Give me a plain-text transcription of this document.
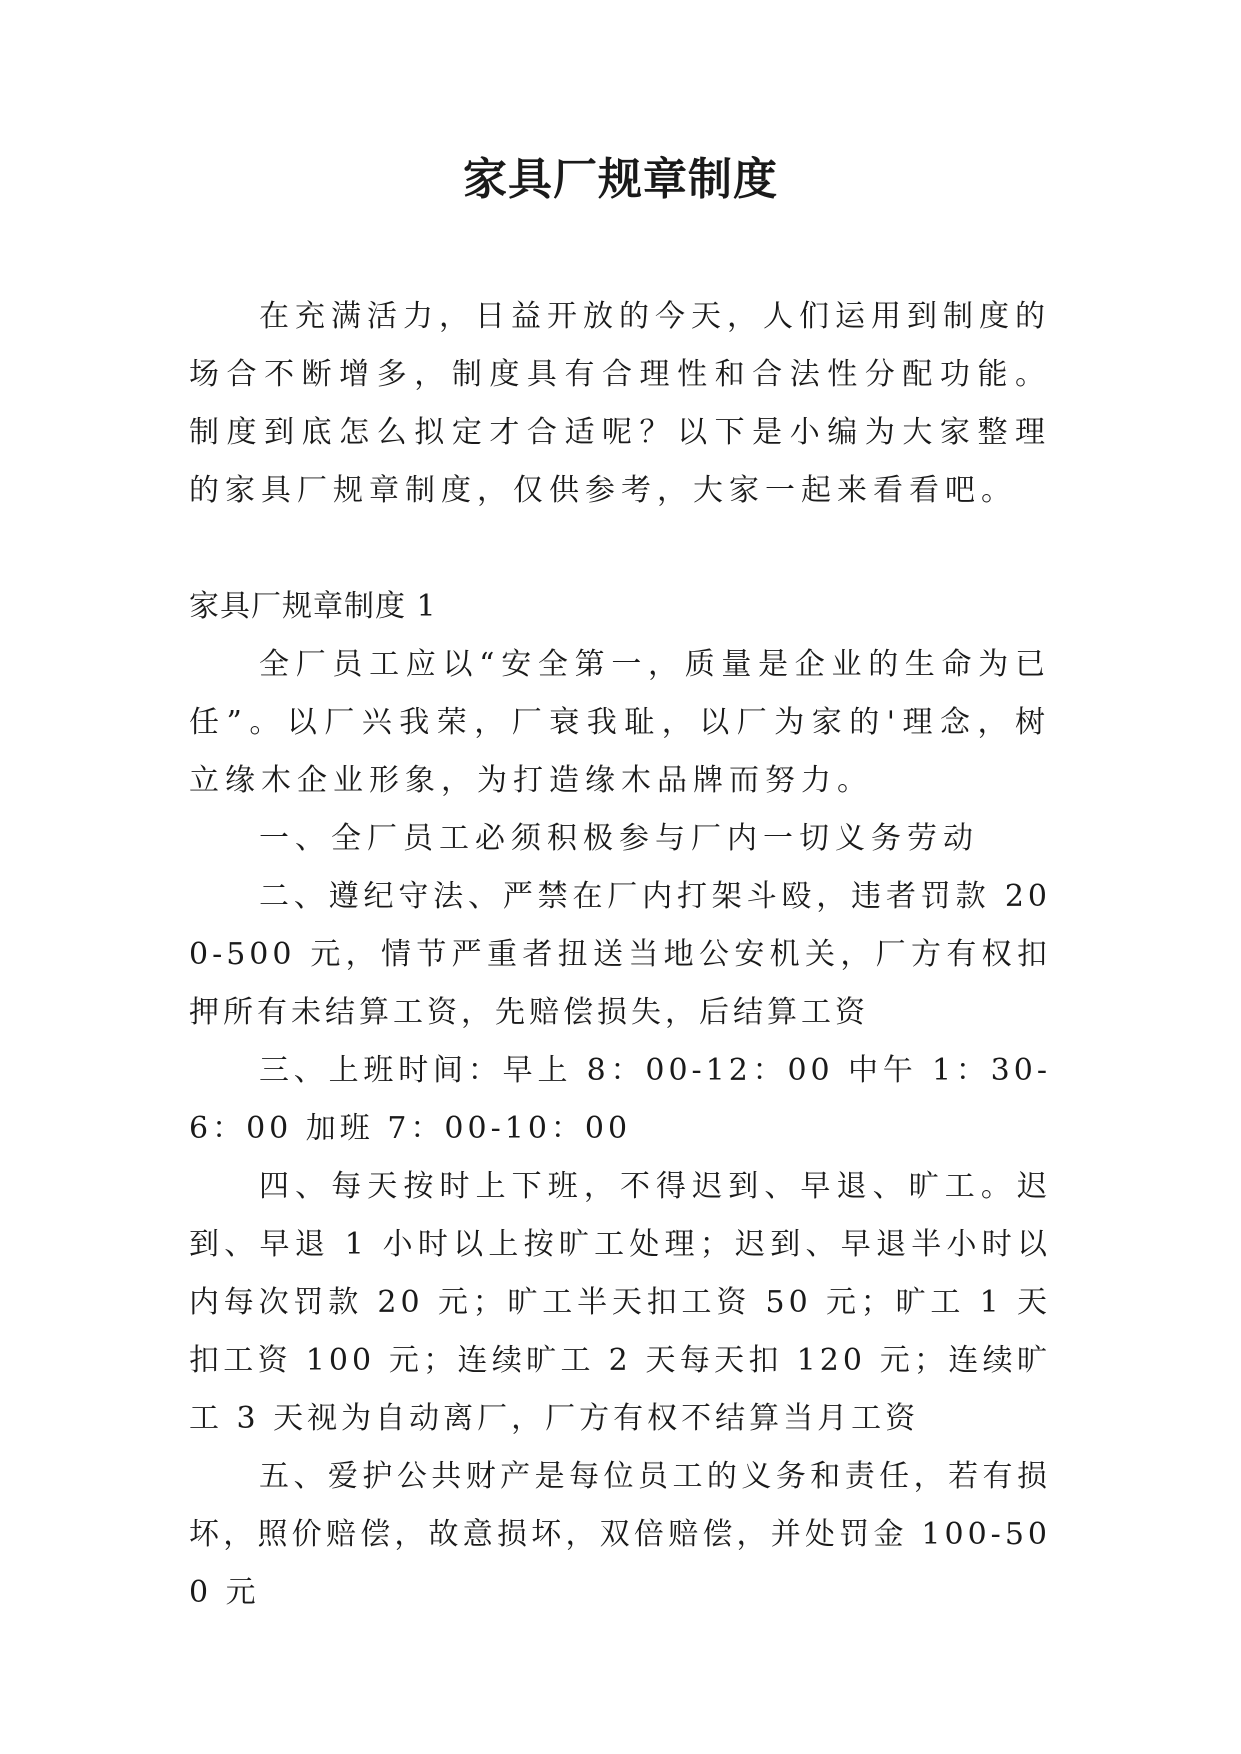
家具厂规章制度

在充满活力，日益开放的今天，人们运用到制度的场合不断增多，制度具有合理性和合法性分配功能。制度到底怎么拟定才合适呢？以下是小编为大家整理的家具厂规章制度，仅供参考，大家一起来看看吧。

家具厂规章制度 1

全厂员工应以“安全第一，质量是企业的生命为已任”。以厂兴我荣，厂衰我耻，以厂为家的'理念，树立缘木企业形象，为打造缘木品牌而努力。

一、全厂员工必须积极参与厂内一切义务劳动

二、遵纪守法、严禁在厂内打架斗殴，违者罚款 200-500 元，情节严重者扭送当地公安机关，厂方有权扣押所有未结算工资，先赔偿损失，后结算工资

三、上班时间：早上 8：00-12：00 中午 1：30-6：00 加班 7：00-10：00

四、每天按时上下班，不得迟到、早退、旷工。迟到、早退 1 小时以上按旷工处理；迟到、早退半小时以内每次罚款 20 元；旷工半天扣工资 50 元；旷工 1 天扣工资 100 元；连续旷工 2 天每天扣 120 元；连续旷工 3 天视为自动离厂，厂方有权不结算当月工资

五、爱护公共财产是每位员工的义务和责任，若有损坏，照价赔偿，故意损坏，双倍赔偿，并处罚金 100-500 元
